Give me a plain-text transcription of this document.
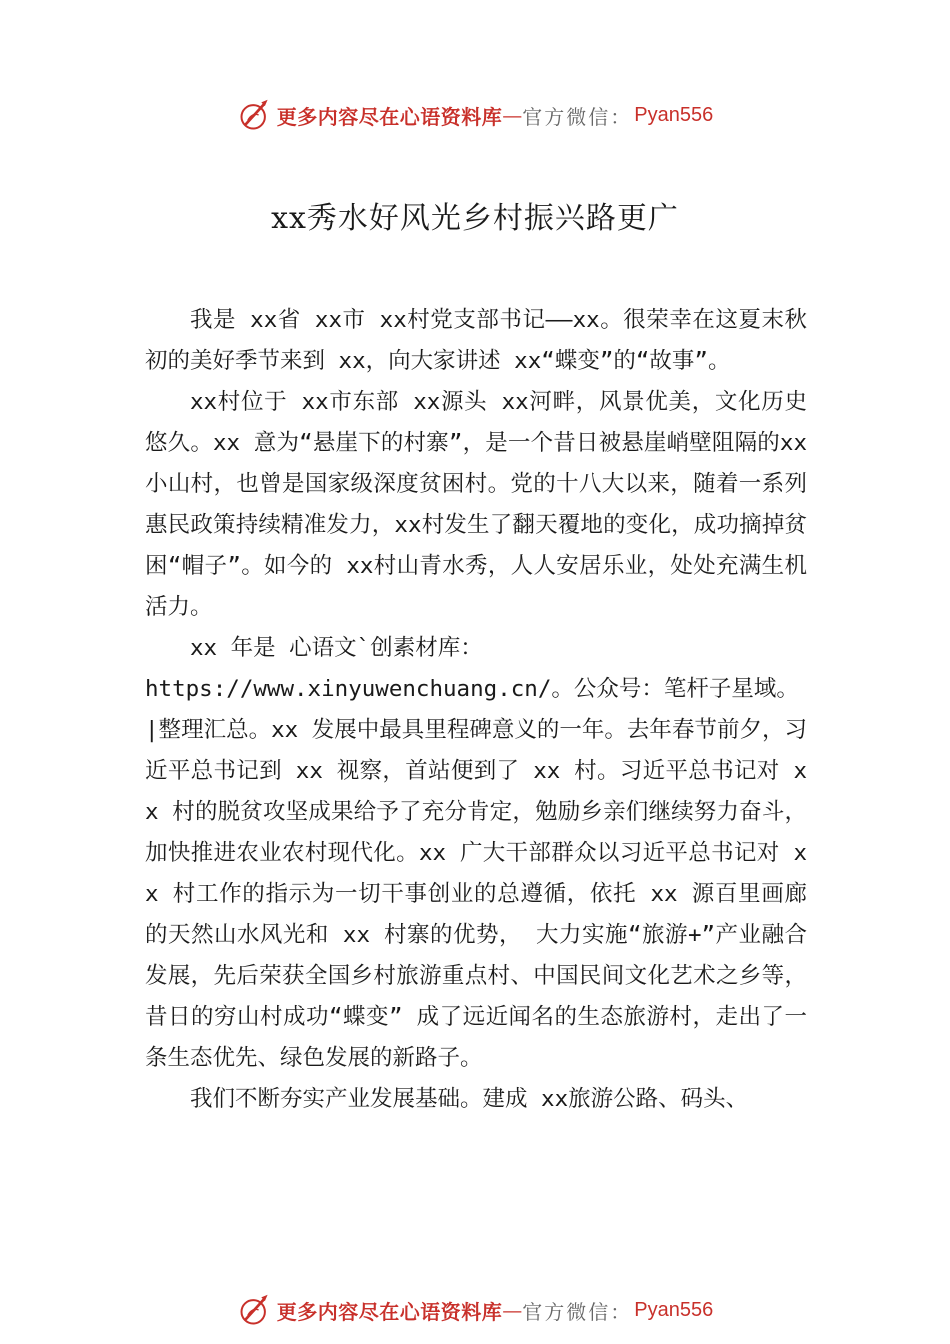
更多内容尽在心语资料库 — 官方微信： Pyan556
xx秀水好风光乡村振兴路更广

我是 xx省 xx市 xx村党支部书记——xx。很荣幸在这夏末秋初的美好季节来到 xx，向大家讲述 xx“蝶变”的“故事”。

xx村位于 xx市东部 xx源头 xx河畔，风景优美，文化历史悠久。xx 意为“悬崖下的村寨”，是一个昔日被悬崖峭壁阻隔的xx小山村，也曾是国家级深度贫困村。党的十八大以来，随着一系列惠民政策持续精准发力，xx村发生了翻天覆地的变化，成功摘掉贫困“帽子”。如今的 xx村山青水秀，人人安居乐业，处处充满生机活力。

xx 年是 心语文`创素材库：

https://www.xinyuwenchuang.cn/。公众号：笔杆子星域。

|整理汇总。xx 发展中最具里程碑意义的一年。去年春节前夕，习近平总书记到 xx 视察，首站便到了 xx 村。习近平总书记对 xx 村的脱贫攻坚成果给予了充分肯定，勉励乡亲们继续努力奋斗，加快推进农业农村现代化。xx 广大干部群众以习近平总书记对 xx 村工作的指示为一切干事创业的总遵循，依托 xx 源百里画廊的天然山水风光和 xx 村寨的优势， 大力实施“旅游+”产业融合发展，先后荣获全国乡村旅游重点村、中国民间文化艺术之乡等，昔日的穷山村成功“蝶变” 成了远近闻名的生态旅游村，走出了一条生态优先、绿色发展的新路子。

我们不断夯实产业发展基础。建成 xx旅游公路、码头、

更多内容尽在心语资料库 — 官方微信： Pyan556
